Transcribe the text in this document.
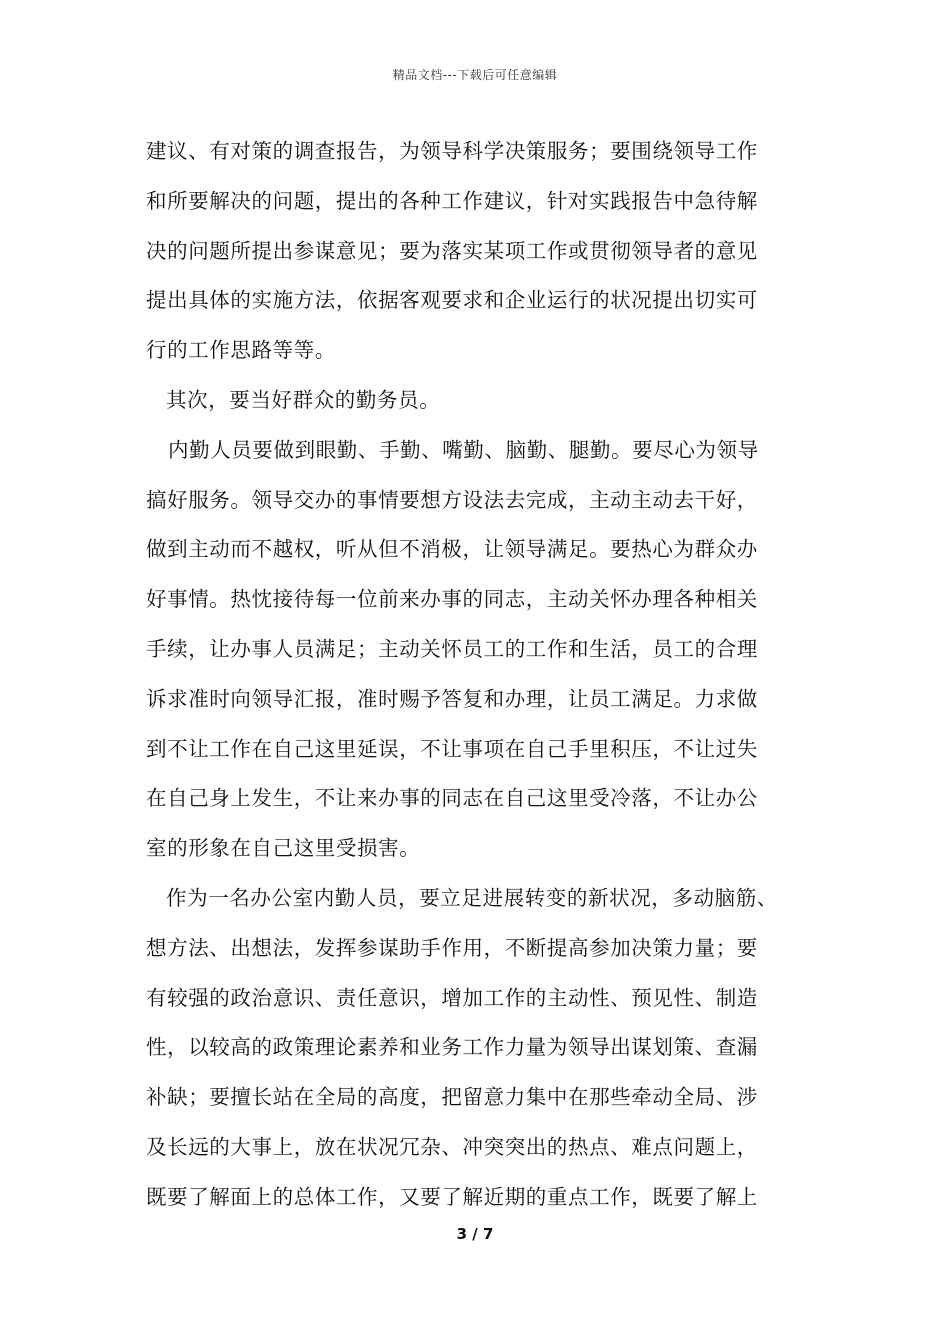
精品文档---下载后可任意编辑
建议、有对策的调查报告，为领导科学决策服务；要围绕领导工作
和所要解决的问题，提出的各种工作建议，针对实践报告中急待解
决的问题所提出参谋意见；要为落实某项工作或贯彻领导者的意见
提出具体的实施方法，依据客观要求和企业运行的状况提出切实可
行的工作思路等等。
其次，要当好群众的勤务员。
内勤人员要做到眼勤、手勤、嘴勤、脑勤、腿勤。要尽心为领导
搞好服务。领导交办的事情要想方设法去完成，主动主动去干好，
做到主动而不越权，听从但不消极，让领导满足。要热心为群众办
好事情。热忱接待每一位前来办事的同志，主动关怀办理各种相关
手续，让办事人员满足；主动关怀员工的工作和生活，员工的合理
诉求准时向领导汇报，准时赐予答复和办理，让员工满足。力求做
到不让工作在自己这里延误，不让事项在自己手里积压，不让过失
在自己身上发生，不让来办事的同志在自己这里受冷落，不让办公
室的形象在自己这里受损害。
作为一名办公室内勤人员，要立足进展转变的新状况，多动脑筋、
想方法、出想法，发挥参谋助手作用，不断提高参加决策力量；要
有较强的政治意识、责任意识，增加工作的主动性、预见性、制造
性，以较高的政策理论素养和业务工作力量为领导出谋划策、查漏
补缺；要擅长站在全局的高度，把留意力集中在那些牵动全局、涉
及长远的大事上，放在状况冗杂、冲突突出的热点、难点问题上，
既要了解面上的总体工作，又要了解近期的重点工作，既要了解上
3 / 7
